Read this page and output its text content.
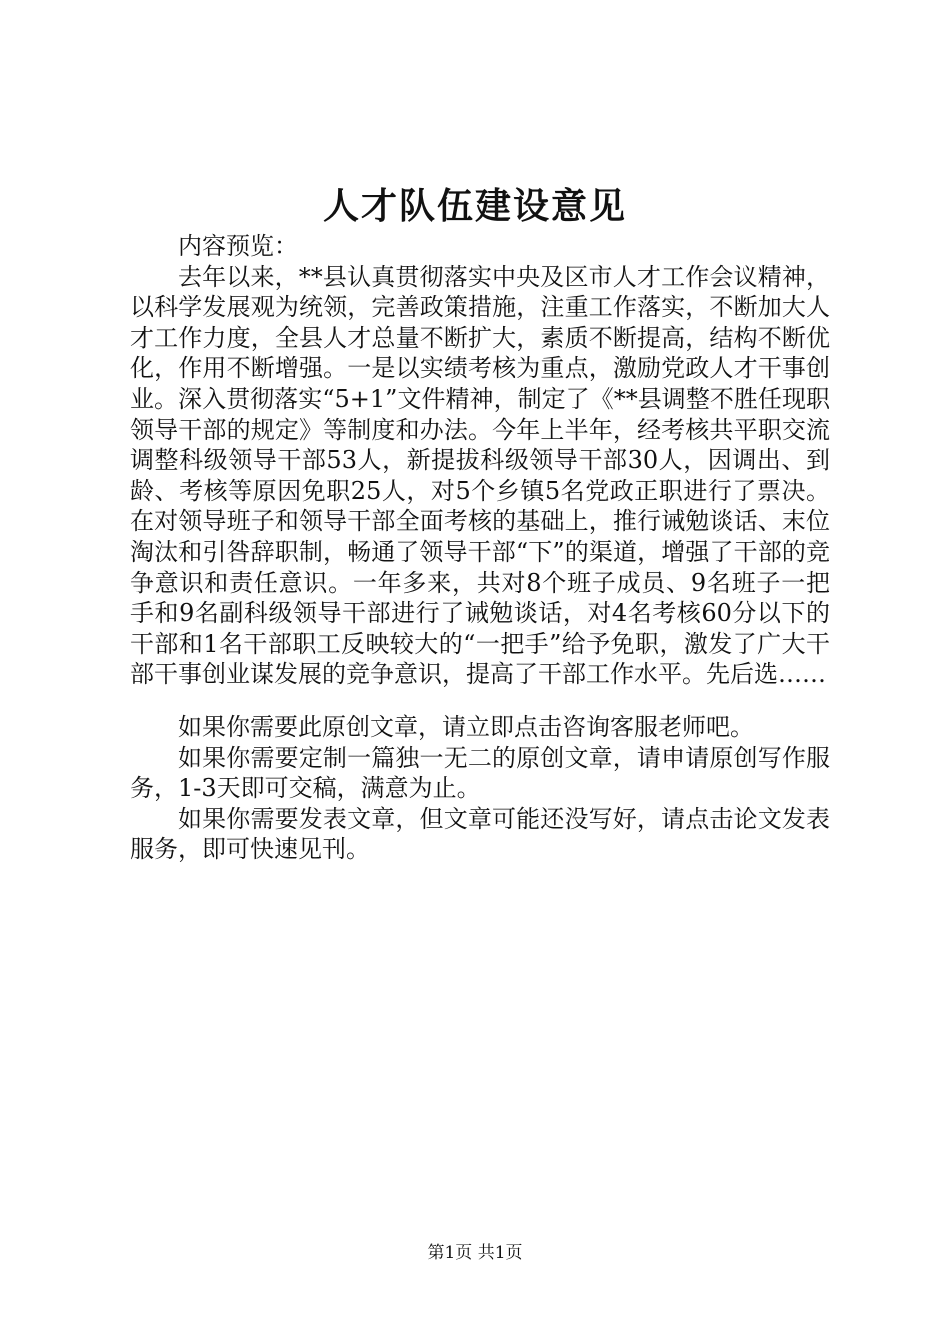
人才队伍建设意见

内容预览：

去年以来，**县认真贯彻落实中央及区市人才工作会议精神，以科学发展观为统领，完善政策措施，注重工作落实，不断加大人才工作力度，全县人才总量不断扩大，素质不断提高，结构不断优化，作用不断增强。一是以实绩考核为重点，激励党政人才干事创业。深入贯彻落实“5+1”文件精神，制定了《**县调整不胜任现职领导干部的规定》等制度和办法。今年上半年，经考核共平职交流调整科级领导干部53人，新提拔科级领导干部30人，因调出、到龄、考核等原因免职25人，对5个乡镇5名党政正职进行了票决。在对领导班子和领导干部全面考核的基础上，推行诫勉谈话、末位淘汰和引咎辞职制，畅通了领导干部“下”的渠道，增强了干部的竞争意识和责任意识。一年多来，共对8个班子成员、9名班子一把手和9名副科级领导干部进行了诫勉谈话，对4名考核60分以下的干部和1名干部职工反映较大的“一把手”给予免职，激发了广大干部干事创业谋发展的竞争意识，提高了干部工作水平。先后选……

如果你需要此原创文章，请立即点击咨询客服老师吧。

如果你需要定制一篇独一无二的原创文章，请申请原创写作服务，1-3天即可交稿，满意为止。

如果你需要发表文章，但文章可能还没写好，请点击论文发表服务，即可快速见刊。

第1页 共1页
